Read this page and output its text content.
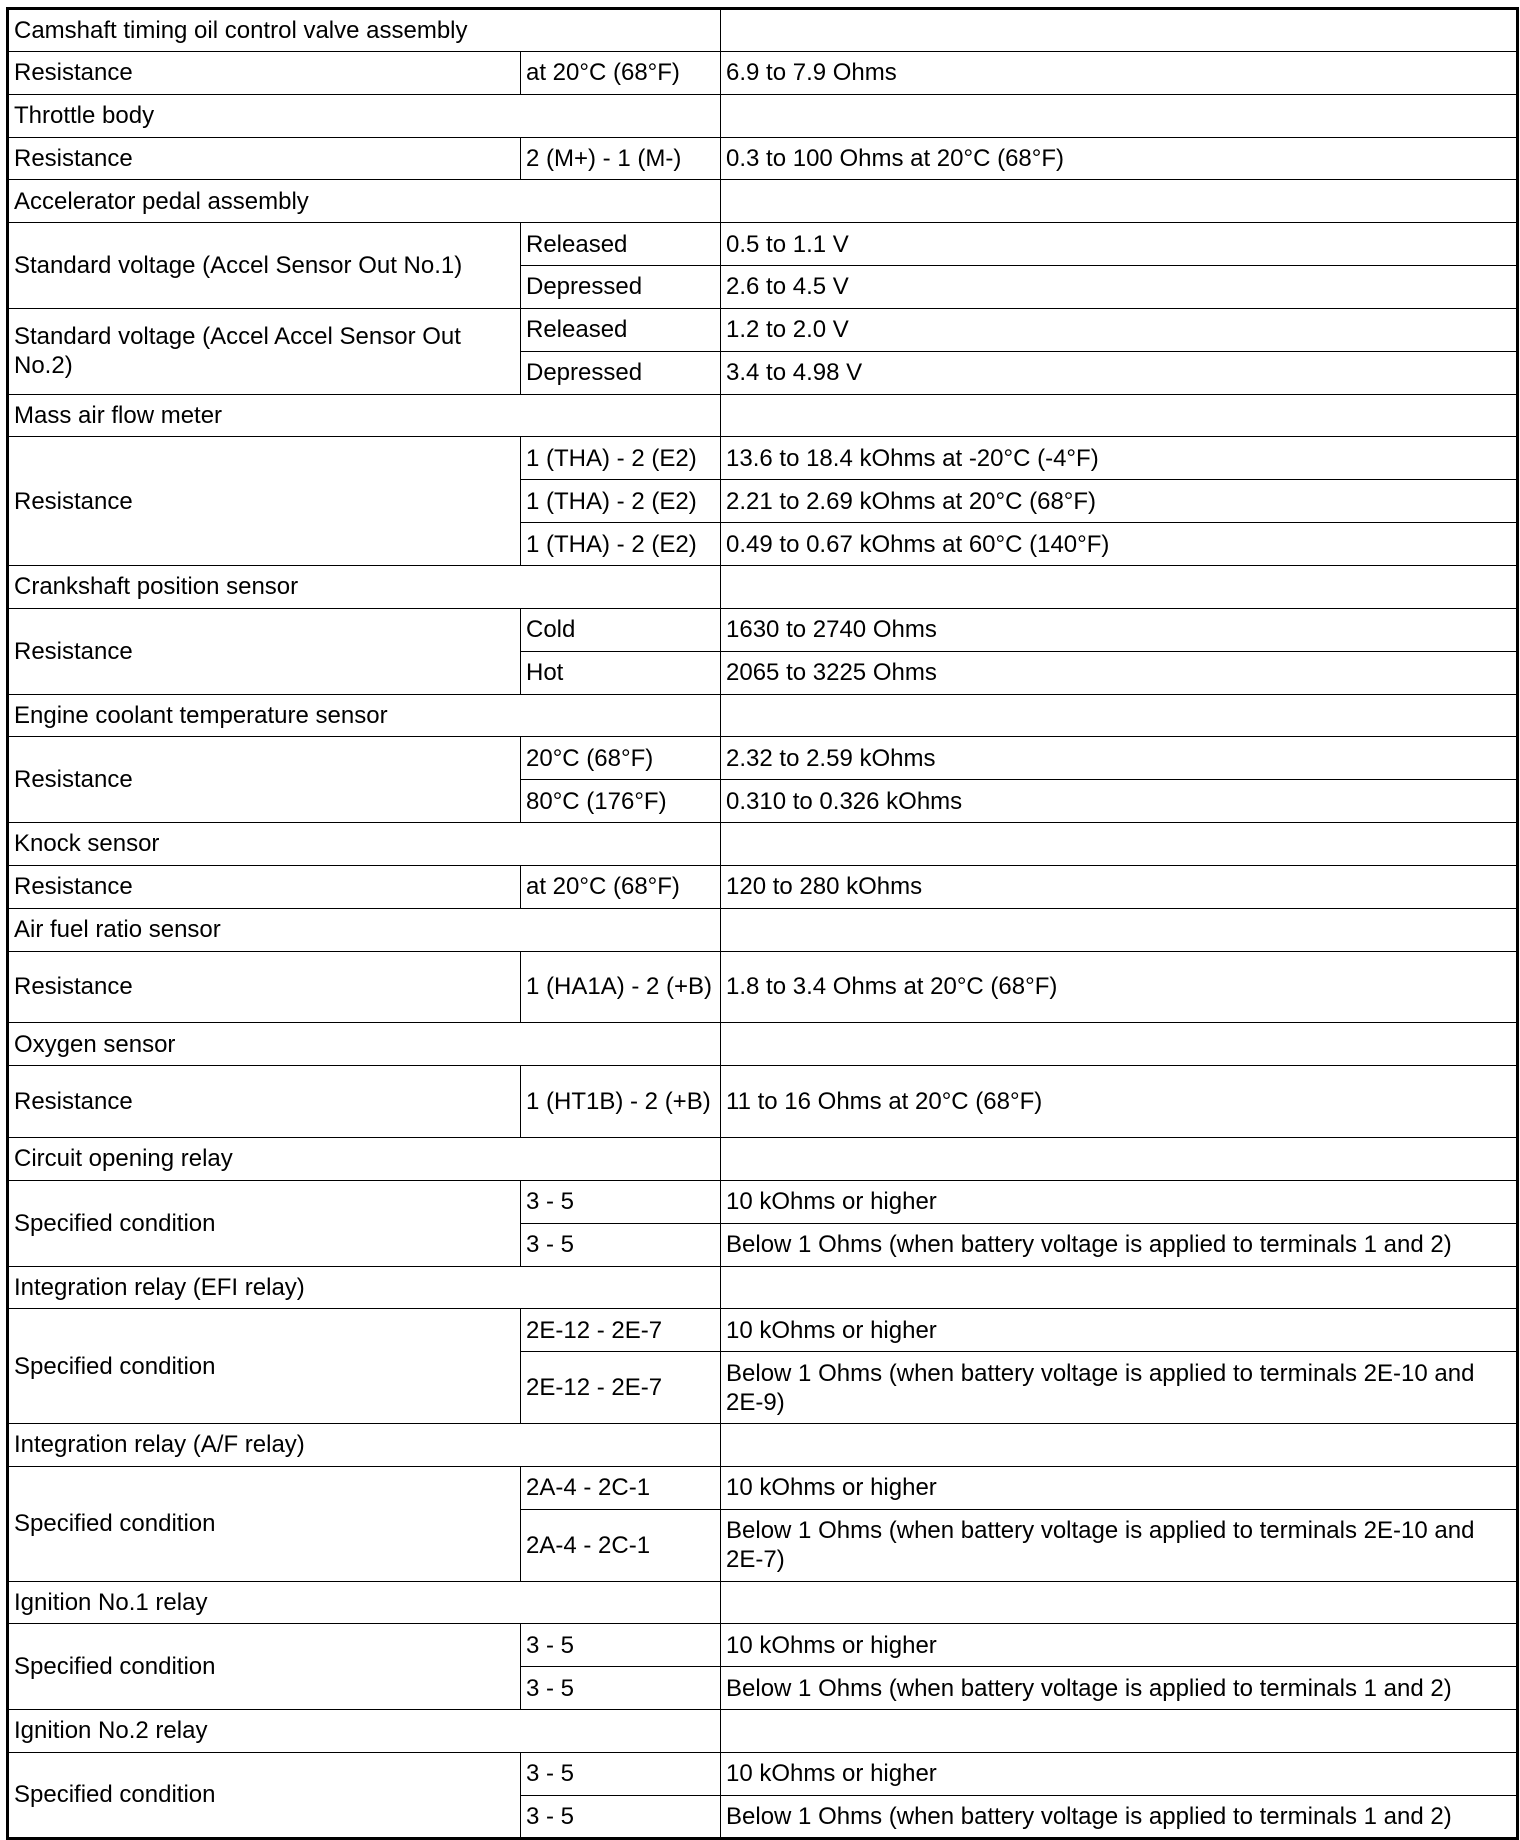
Camshaft timing oil control valve assembly		
Resistance	at 20°C (68°F)	6.9 to 7.9 Ohms
Throttle body		
Resistance	2 (M+) - 1 (M-)	0.3 to 100 Ohms at 20°C (68°F)
Accelerator pedal assembly		
Standard voltage (Accel Sensor Out No.1)	Released	0.5 to 1.1 V
	Depressed	2.6 to 4.5 V
Standard voltage (Accel Accel Sensor Out No.2)	Released	1.2 to 2.0 V
	Depressed	3.4 to 4.98 V
Mass air flow meter		
Resistance	1 (THA) - 2 (E2)	13.6 to 18.4 kOhms at -20°C (-4°F)
	1 (THA) - 2 (E2)	2.21 to 2.69 kOhms at 20°C (68°F)
	1 (THA) - 2 (E2)	0.49 to 0.67 kOhms at 60°C (140°F)
Crankshaft position sensor		
Resistance	Cold	1630 to 2740 Ohms
	Hot	2065 to 3225 Ohms
Engine coolant temperature sensor		
Resistance	20°C (68°F)	2.32 to 2.59 kOhms
	80°C (176°F)	0.310 to 0.326 kOhms
Knock sensor		
Resistance	at 20°C (68°F)	120 to 280 kOhms
Air fuel ratio sensor		
Resistance	1 (HA1A) - 2 (+B)	1.8 to 3.4 Ohms at 20°C (68°F)
Oxygen sensor		
Resistance	1 (HT1B) - 2 (+B)	11 to 16 Ohms at 20°C (68°F)
Circuit opening relay		
Specified condition	3 - 5	10 kOhms or higher
	3 - 5	Below 1 Ohms (when battery voltage is applied to terminals 1 and 2)
Integration relay (EFI relay)		
Specified condition	2E-12 - 2E-7	10 kOhms or higher
	2E-12 - 2E-7	Below 1 Ohms (when battery voltage is applied to terminals 2E-10 and 2E-9)
Integration relay (A/F relay)		
Specified condition	2A-4 - 2C-1	10 kOhms or higher
	2A-4 - 2C-1	Below 1 Ohms (when battery voltage is applied to terminals 2E-10 and 2E-7)
Ignition No.1 relay		
Specified condition	3 - 5	10 kOhms or higher
	3 - 5	Below 1 Ohms (when battery voltage is applied to terminals 1 and 2)
Ignition No.2 relay		
Specified condition	3 - 5	10 kOhms or higher
	3 - 5	Below 1 Ohms (when battery voltage is applied to terminals 1 and 2)
